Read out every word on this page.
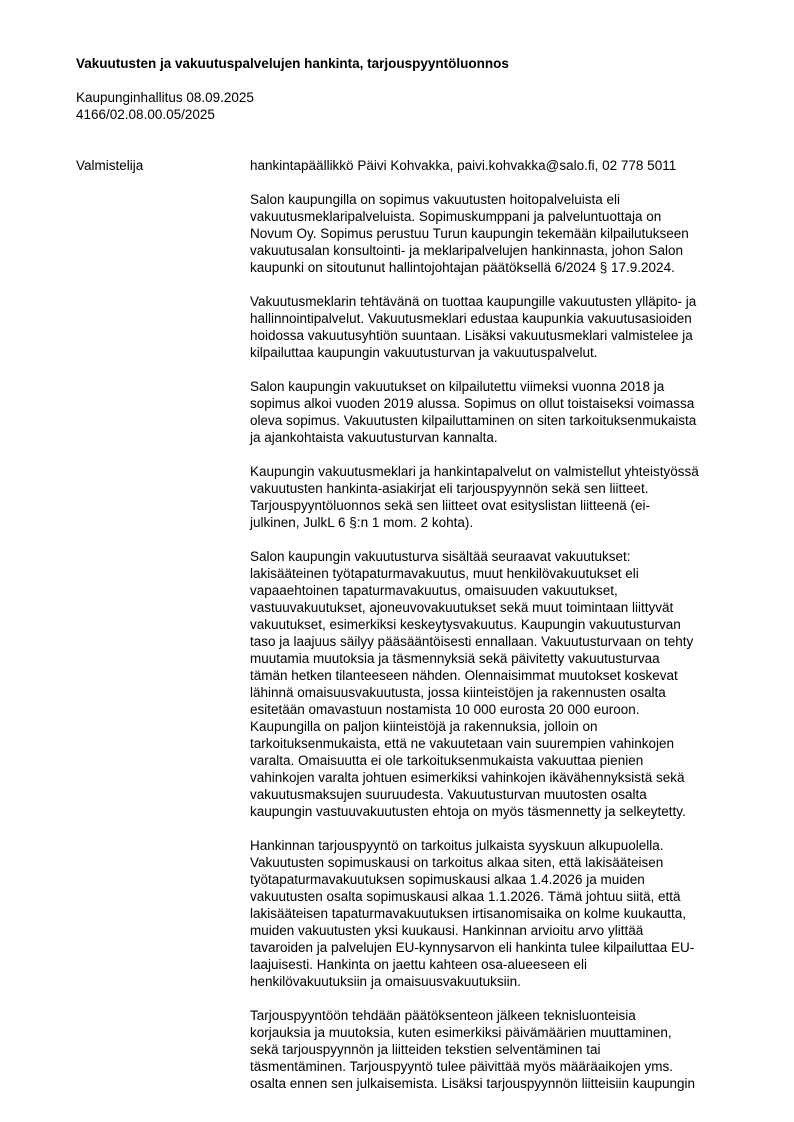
Vakuutusten ja vakuutuspalvelujen hankinta, tarjouspyyntöluonnos
Kaupunginhallitus 08.09.2025
4166/02.08.00.05/2025
Valmistelija	hankintapäällikkö Päivi Kohvakka, paivi.kohvakka@salo.fi, 02 778 5011
Salon kaupungilla on sopimus vakuutusten hoitopalveluista eli
vakuutusmeklaripalveluista. Sopimuskumppani ja palveluntuottaja on
Novum Oy. Sopimus perustuu Turun kaupungin tekemään kilpailutukseen
vakuutusalan konsultointi- ja meklaripalvelujen hankinnasta, johon Salon
kaupunki on sitoutunut hallintojohtajan päätöksellä 6/2024 § 17.9.2024.
Vakuutusmeklarin tehtävänä on tuottaa kaupungille vakuutusten ylläpito- ja
hallinnointipalvelut. Vakuutusmeklari edustaa kaupunkia vakuutusasioiden
hoidossa vakuutusyhtiön suuntaan. Lisäksi vakuutusmeklari valmistelee ja
kilpailuttaa kaupungin vakuutusturvan ja vakuutuspalvelut.
Salon kaupungin vakuutukset on kilpailutettu viimeksi vuonna 2018 ja
sopimus alkoi vuoden 2019 alussa. Sopimus on ollut toistaiseksi voimassa
oleva sopimus. Vakuutusten kilpailuttaminen on siten tarkoituksenmukaista
ja ajankohtaista vakuutusturvan kannalta.
Kaupungin vakuutusmeklari ja hankintapalvelut on valmistellut yhteistyössä
vakuutusten hankinta-asiakirjat eli tarjouspyynnön sekä sen liitteet.
Tarjouspyyntöluonnos sekä sen liitteet ovat esityslistan liitteenä (ei-
julkinen, JulkL 6 §:n 1 mom. 2 kohta).
Salon kaupungin vakuutusturva sisältää seuraavat vakuutukset:
lakisääteinen työtapaturmavakuutus, muut henkilövakuutukset eli
vapaaehtoinen tapaturmavakuutus, omaisuuden vakuutukset,
vastuuvakuutukset, ajoneuvovakuutukset sekä muut toimintaan liittyvät
vakuutukset, esimerkiksi keskeytysvakuutus. Kaupungin vakuutusturvan
taso ja laajuus säilyy pääsääntöisesti ennallaan. Vakuutusturvaan on tehty
muutamia muutoksia ja täsmennyksiä sekä päivitetty vakuutusturvaa
tämän hetken tilanteeseen nähden. Olennaisimmat muutokset koskevat
lähinnä omaisuusvakuutusta, jossa kiinteistöjen ja rakennusten osalta
esitetään omavastuun nostamista 10 000 eurosta 20 000 euroon.
Kaupungilla on paljon kiinteistöjä ja rakennuksia, jolloin on
tarkoituksenmukaista, että ne vakuutetaan vain suurempien vahinkojen
varalta. Omaisuutta ei ole tarkoituksenmukaista vakuuttaa pienien
vahinkojen varalta johtuen esimerkiksi vahinkojen ikävähennyksistä sekä
vakuutusmaksujen suuruudesta. Vakuutusturvan muutosten osalta
kaupungin vastuuvakuutusten ehtoja on myös täsmennetty ja selkeytetty.
Hankinnan tarjouspyyntö on tarkoitus julkaista syyskuun alkupuolella.
Vakuutusten sopimuskausi on tarkoitus alkaa siten, että lakisääteisen
työtapaturmavakuutuksen sopimuskausi alkaa 1.4.2026 ja muiden
vakuutusten osalta sopimuskausi alkaa 1.1.2026. Tämä johtuu siitä, että
lakisääteisen tapaturmavakuutuksen irtisanomisaika on kolme kuukautta,
muiden vakuutusten yksi kuukausi. Hankinnan arvioitu arvo ylittää
tavaroiden ja palvelujen EU-kynnysarvon eli hankinta tulee kilpailuttaa EU-
laajuisesti. Hankinta on jaettu kahteen osa-alueeseen eli
henkilövakuutuksiin ja omaisuusvakuutuksiin.
Tarjouspyyntöön tehdään päätöksenteon jälkeen teknisluonteisia
korjauksia ja muutoksia, kuten esimerkiksi päivämäärien muuttaminen,
sekä tarjouspyynnön ja liitteiden tekstien selventäminen tai
täsmentäminen. Tarjouspyyntö tulee päivittää myös määräaikojen yms.
osalta ennen sen julkaisemista. Lisäksi tarjouspyynnön liitteisiin kaupungin
